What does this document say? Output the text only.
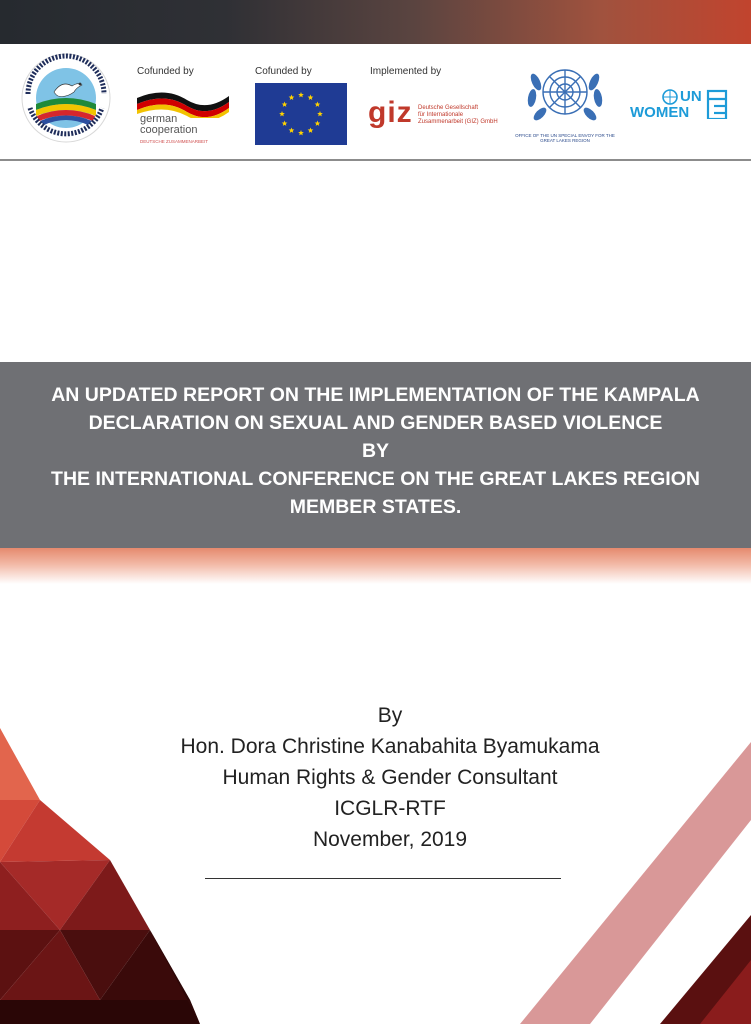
Cofunded by
german
cooperation
DEUTSCHE ZUSAMMENARBEIT
Cofunded by	Implemented by
giz Deutsche Gesellschaft
für Internationale
Zusammenarbeit (GIZ) GmbH
OFFICE OF THE UN SPECIAL ENVOY FOR THE GREAT LAKES REGION
UN
WOMEN
AN UPDATED REPORT ON THE IMPLEMENTATION OF THE KAMPALA
DECLARATION ON SEXUAL AND GENDER BASED VIOLENCE
BY
THE INTERNATIONAL CONFERENCE ON THE GREAT LAKES REGION
MEMBER STATES.
By
Hon. Dora Christine Kanabahita Byamukama
Human Rights & Gender Consultant
ICGLR-RTF
November, 2019
